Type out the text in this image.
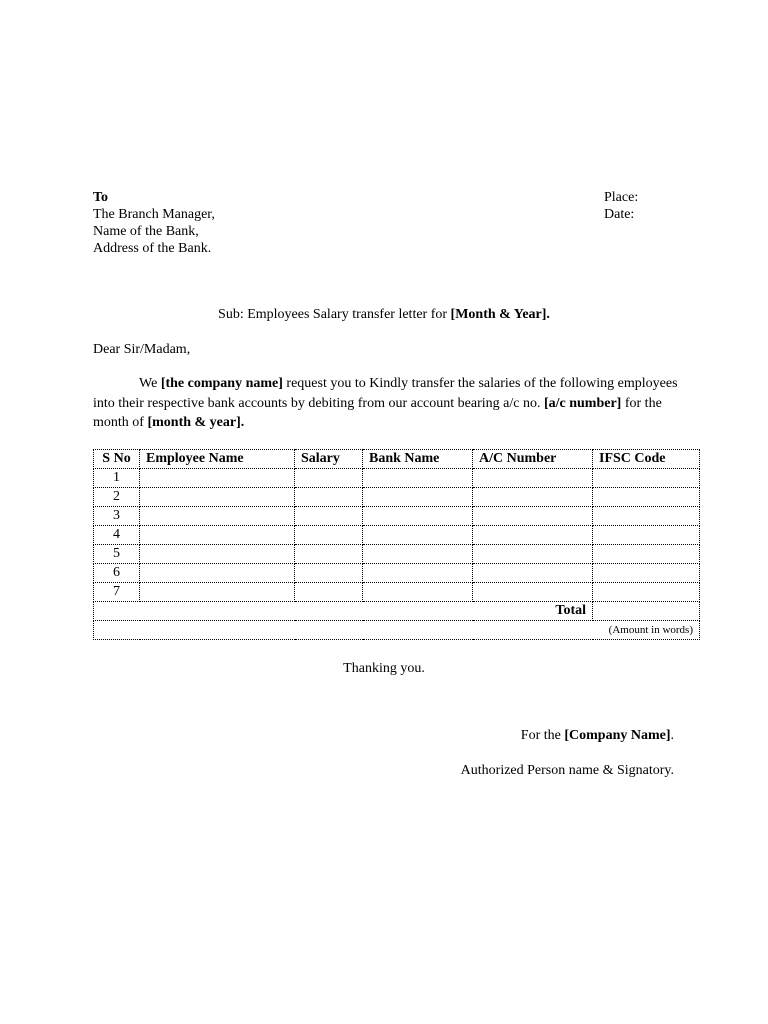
To
The Branch Manager,
Name of the Bank,
Address of the Bank.
Place:
Date:
Sub: Employees Salary transfer letter for [Month & Year].
Dear Sir/Madam,
We [the company name] request you to Kindly transfer the salaries of the following employees into their respective bank accounts by debiting from our account bearing a/c no. [a/c number] for the month of [month & year].
S No	Employee Name	Salary	Bank Name	A/C Number	IFSC Code
1					
2					
3					
4					
5					
6					
7					
Total					
(Amount in words)					
Thanking you.
For the [Company Name].
Authorized Person name & Signatory.
